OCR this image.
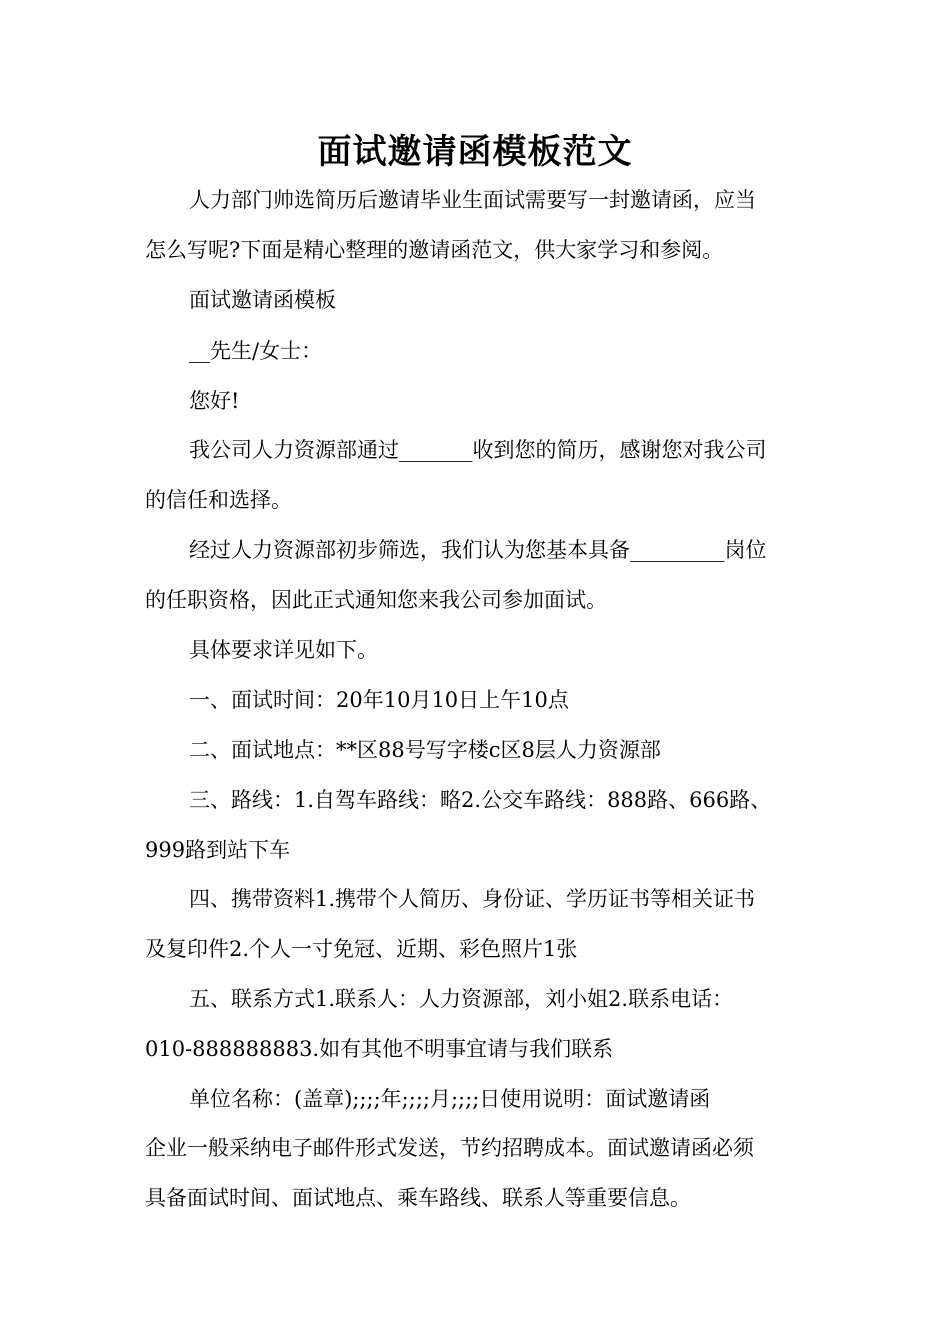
面试邀请函模板范文
人力部门帅选简历后邀请毕业生面试需要写一封邀请函，应当
怎么写呢?下面是精心整理的邀请函范文，供大家学习和参阅。
面试邀请函模板
__先生/女士：
您好!
我公司人力资源部通过_______收到您的简历，感谢您对我公司
的信任和选择。
经过人力资源部初步筛选，我们认为您基本具备_________岗位
的任职资格，因此正式通知您来我公司参加面试。
具体要求详见如下。
一、面试时间：20年10月10日上午10点
二、面试地点：**区88号写字楼c区8层人力资源部
三、路线：1.自驾车路线：略2.公交车路线：888路、666路、
999路到站下车
四、携带资料1.携带个人简历、身份证、学历证书等相关证书
及复印件2.个人一寸免冠、近期、彩色照片1张
五、联系方式1.联系人：人力资源部，刘小姐2.联系电话：
010-888888883.如有其他不明事宜请与我们联系
单位名称：(盖章);;;;年;;;;月;;;;日使用说明：面试邀请函
企业一般采纳电子邮件形式发送，节约招聘成本。面试邀请函必须
具备面试时间、面试地点、乘车路线、联系人等重要信息。
